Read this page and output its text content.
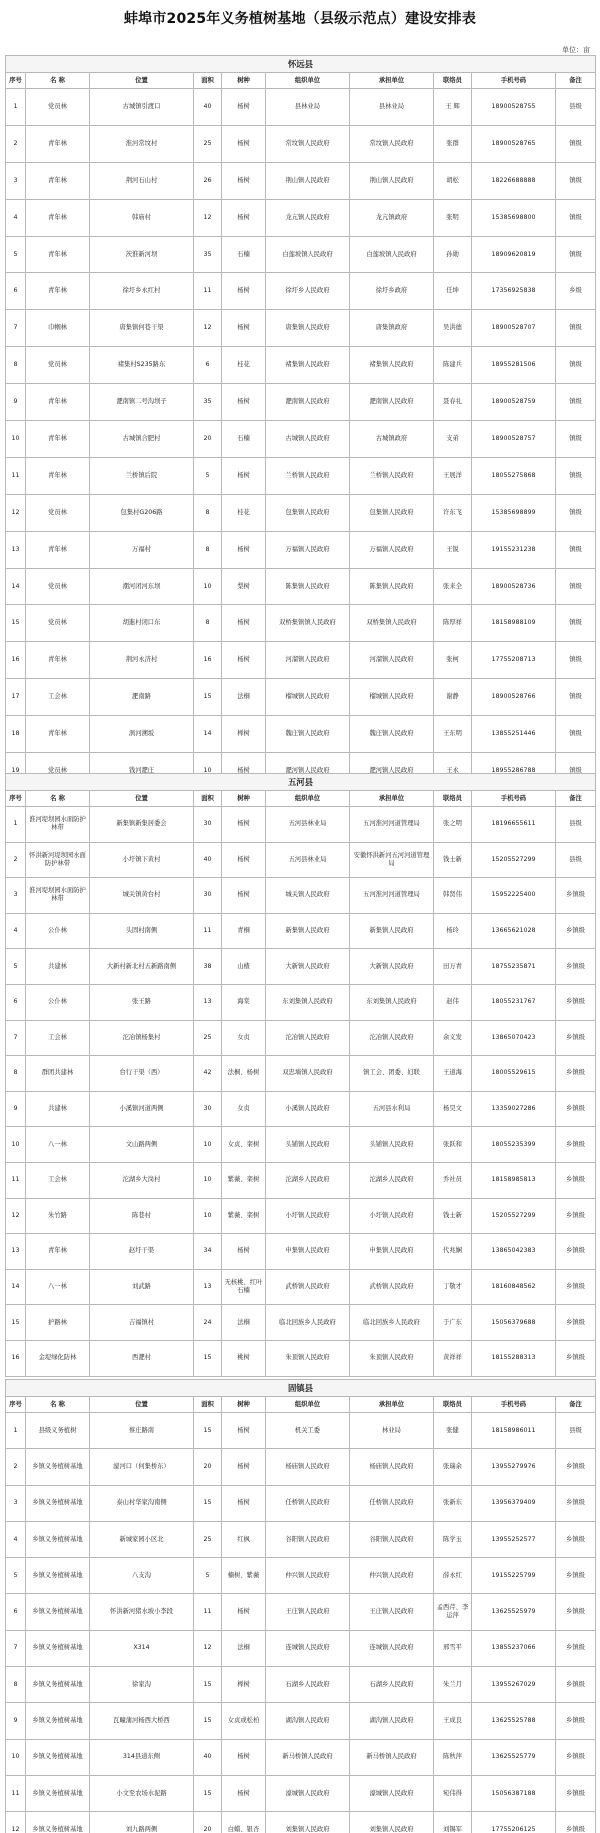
蚌埠市2025年义务植树基地（县级示范点）建设安排表
单位：亩
怀远县									
序号	名 称	位置	面积	树种	组织单位	承担单位	联络员	手机号码	备注
1	党员林	古城镇引渡口	40	杨树	县林业局	县林业局	王 辉	18900528755	县级
2	青年林	淮河常坟村	25	杨树	常坟镇人民政府	常坟镇人民政府	张群	18900528765	镇级
3	青年林	荆河石山村	26	杨树	荆山镇人民政府	荆山镇人民政府	胡松	18226688888	镇级
4	青年林	韩庙村	12	杨树	龙亢镇人民政府	龙亢镇政府	张明	15385698800	镇级
5	青年林	茨淮新河坝	35	石楠	白莲坡镇人民政府	白莲坡镇人民政府	孙勋	18909620819	镇级
6	青年林	徐圩乡永红村	11	杨树	徐圩乡人民政府	徐圩乡政府	任坤	17356925838	乡级
7	巾帼林	唐集镇何巷干渠	12	杨树	唐集镇人民政府	唐集镇政府	吴洪德	18900528707	镇级
8	党员林	褚集村S235路东	6	桂花	褚集镇人民政府	褚集镇人民政府	陈建兵	18955281506	镇级
9	青年林	淝南镇二号沟坝子	35	杨树	淝南镇人民政府	淝南镇人民政府	聂春礼	18900528759	镇级
10	青年林	古城镇合肥村	20	石楠	古城镇人民政府	古城镇政府	支弟	18900528757	镇级
11	青年林	兰桥镇后院	5	杨树	兰桥镇人民政府	兰桥镇人民政府	王展洋	18055275868	镇级
12	党员林	包集村G206路	8	桂花	包集镇人民政府	包集镇人民政府	许东飞	15385698899	镇级
13	青年林	万福村	8	杨树	万福镇人民政府	万福镇人民政府	王锐	19155231238	镇级
14	党员林	潮河闭河东坝	10	梨树	陈集镇人民政府	陈集镇人民政府	张来全	18900528736	镇级
15	党员林	胡進村闭口东	8	杨树	双桥集镇镇人民政府	双桥集镇人民政府	陈厚祥	18158988109	镇级
16	青年林	荆河永济村	16	杨树	河溜镇人民政府	河溜镇人民政府	张柯	17755208713	镇级
17	工会林	淝南路	15	法桐	榴城镇人民政府	榴城镇人民政府	谢静	18900528766	镇级
18	青年林	涡河溯坂	14	榉树	魏庄镇人民政府	魏庄镇人民政府	王东明	13855251446	镇级
19	党员林	钱河淝庄	10	杨树	淝河镇人民政府	淝河镇人民政府	王永	18955286788	镇级
五河县									
序号	名 称	位置	面积	树种	组织单位	承担单位	联络员	手机号码	备注
1	淮河堤坝园水面防护林带	新集镇新集居委会	30	杨树	五河县林业局	五河淮河河道管理局	张之明	18196655611	县级
2	怀洪新河堤坝园水面防护林带	小圩镇下黄村	40	杨树	五河县林业局	安徽怀洪新河五河河道管理局	钱士新	15205527299	县级
3	淮河堤坝园水面防护林带	城关镇黄台村	30	杨树	城关镇人民政府	五河淮河河道管理局	韩贤伟	15952225400	乡镇级
4	公仆林	头固村南侧	11	青桐	新集镇人民政府	新集镇人民政府	杨玲	13665621028	乡镇级
5	共建林	大新村新北村五新路南侧	38	山楂	大新镇人民政府	大新镇人民政府	田万青	18755235871	乡镇级
6	公仆林	张王路	13	海棠	东刘集镇人民政府	东刘集镇人民政府	赵伟	18055231767	乡镇级
7	工会林	沱冶镇杨集村	25	女贞	沱冶镇人民政府	沱冶镇人民政府	余义发	13865070423	乡镇级
8	群团共建林	台行干渠（西）	42	法桐、杨树	双忠墙镇人民政府	镇工会、团委、妇联	王道海	18005529615	乡镇级
9	共建林	小溪镇河道两侧	30	女贞	小溪镇人民政府	五河县水利局	杨昊文	13359027286	乡镇级
10	八一林	文山路两侧	10	女贞、栾树	头铺镇人民政府	头铺镇人民政府	张跃和	18055235399	乡镇级
11	工会林	沱湖乡大岗村	10	紫薇、栾树	沱湖乡人民政府	沱湖乡人民政府	乔社员	18158985813	乡镇级
12	朱竹路	陈巷村	10	紫薇、栾树	小圩镇人民政府	小圩镇人民政府	钱士新	15205527299	乡镇级
13	青年林	赵圩干渠	34	杨树	申集镇人民政府	申集镇人民政府	代兆娴	13865042383	乡镇级
14	八一林	刘武路	13	无核桃、红叶石楠	武桥镇人民政府	武桥镇人民政府	丁敬才	18160848562	乡镇级
15	护路林	吉福镇村	24	法桐	临北回族乡人民政府	临北回族乡人民政府	于广东	15056379688	乡镇级
16	金堤绿化防林	西淝村	15	桃树	朱顶镇人民政府	朱顶镇人民政府	黄祥祥	18155288313	乡镇级
固镇县									
序号	名 称	位置	面积	树种	组织单位	承担单位	联络员	手机号码	备注
1	县级义务植树	蔡庄路南	15	杨树	机关工委	林业局	张健	18158986011	县级
2	乡镇义务植树基地	濠河口（何集桥东）	20	杨树	杨庙镇人民政府	杨庙镇人民政府	张瑞余	13955279976	乡镇级
3	乡镇义务植树基地	泰山村华家沟南侧	15	杨树	任桥镇人民政府	任桥镇人民政府	张新东	13956379409	乡镇级
4	乡镇义务植树基地	新城家园小区北	25	红枫	谷阳镇人民政府	谷阳镇人民政府	陈学玉	13955252577	乡镇级
5	乡镇义务植树基地	八支沟	5	楠树、紫薇	仲兴镇人民政府	仲兴镇人民政府	薛永红	19155225799	乡镇级
6	乡镇义务植树基地	怀洪新河猪水坡小李段	11	杨树	王庄镇人民政府	王庄镇人民政府	孟西芹、李运萍	13625525979	乡镇级
7	乡镇义务植树基地	X314	12	法桐	连城镇人民政府	连城镇人民政府	邢雪平	13855237066	乡镇级
8	乡镇义务植树基地	徐家沟	15	榉树	石湖乡人民政府	石湖乡人民政府	朱兰月	13955267029	乡镇级
9	乡镇义务植树基地	瓦疃蒲河杨西大桥西	15	女贞或松柏	湖沟镇人民政府	湖沟镇人民政府	王成良	13625525788	乡镇级
10	乡镇义务植树基地	314县道东侧	40	杨树	新马桥镇人民政府	新马桥镇人民政府	陈秋萍	13625525779	乡镇级
11	乡镇义务植树基地	小文至农场水泥路	15	杨树	濠城镇人民政府	濠城镇人民政府	宛伟得	15056387188	乡镇级
12	乡镇义务植树基地	刘九路两侧	20	白蜡、银杏	刘集镇人民政府	刘集镇人民政府	刘锡军	17755206125	乡镇级
